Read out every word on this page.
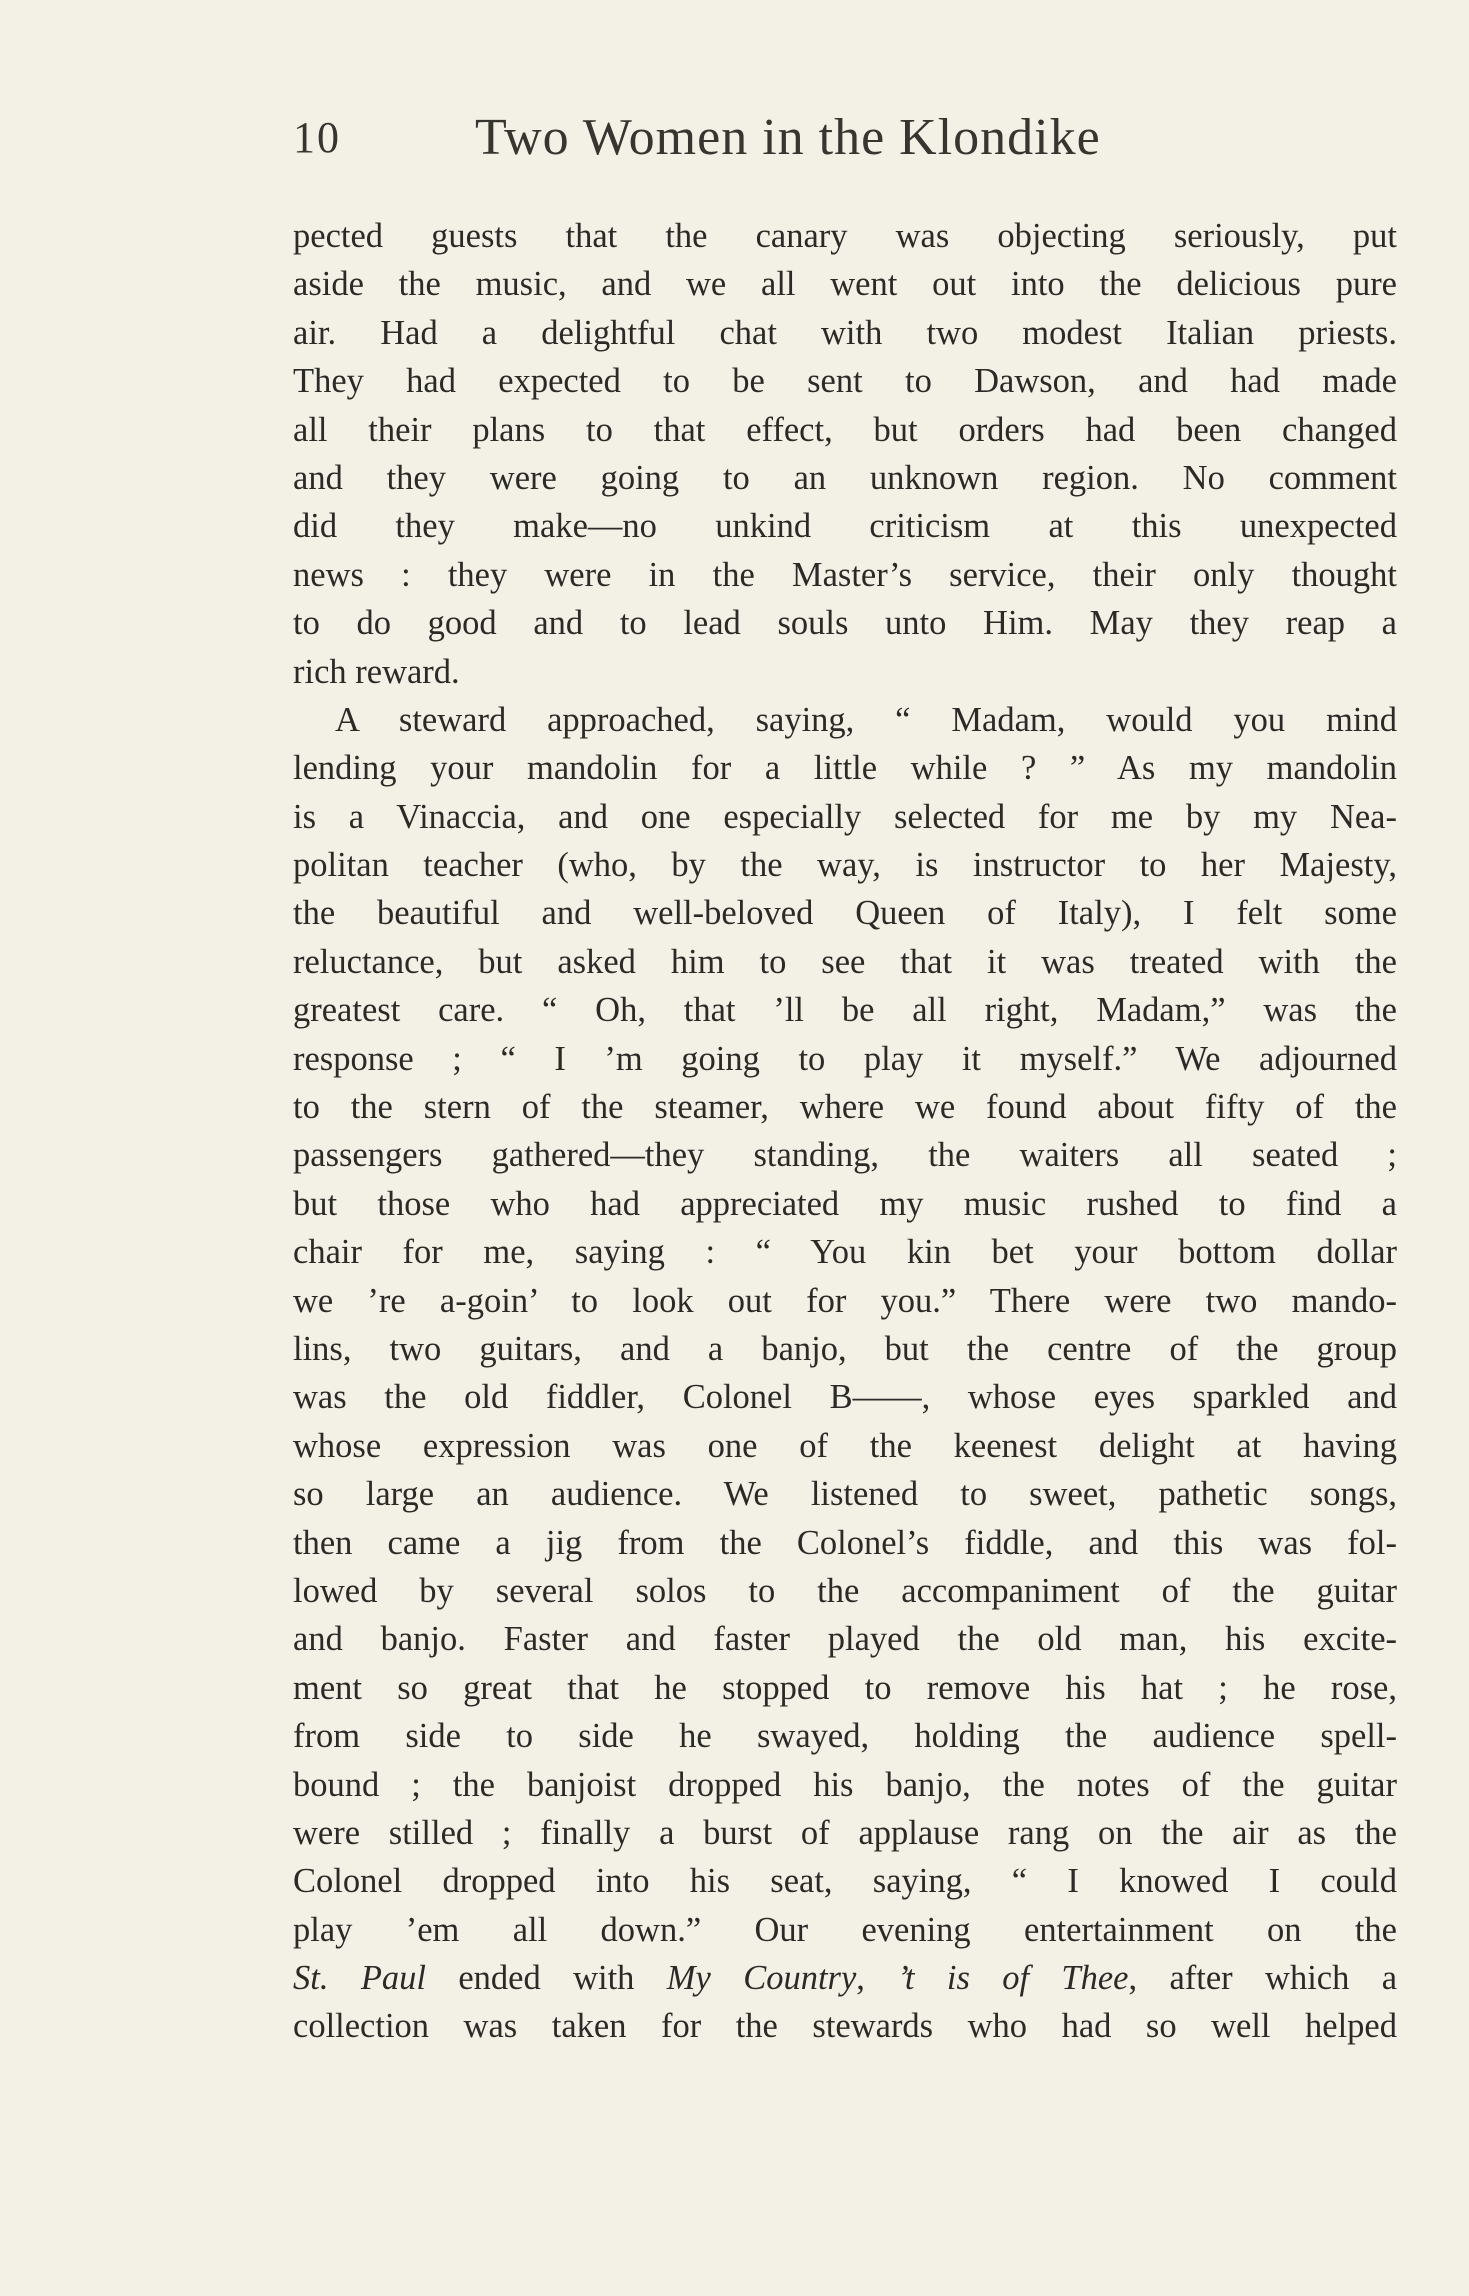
10	Two Women in the Klondike
pected guests that the canary was objecting seriously, put
aside the music, and we all went out into the delicious pure
air. Had a delightful chat with two modest Italian priests.
They had expected to be sent to Dawson, and had made
all their plans to that effect, but orders had been changed
and they were going to an unknown region. No comment
did they make—no unkind criticism at this unexpected
news : they were in the Master’s service, their only thought
to do good and to lead souls unto Him. May they reap a
rich reward.
A steward approached, saying, “ Madam, would you mind
lending your mandolin for a little while ? ” As my mandolin
is a Vinaccia, and one especially selected for me by my Nea-
politan teacher (who, by the way, is instructor to her Majesty,
the beautiful and well-beloved Queen of Italy), I felt some
reluctance, but asked him to see that it was treated with the
greatest care. “ Oh, that ’ll be all right, Madam,” was the
response ; “ I ’m going to play it myself.” We adjourned
to the stern of the steamer, where we found about fifty of the
passengers gathered—they standing, the waiters all seated ;
but those who had appreciated my music rushed to find a
chair for me, saying : “ You kin bet your bottom dollar
we ’re a-goin’ to look out for you.” There were two mando-
lins, two guitars, and a banjo, but the centre of the group
was the old fiddler, Colonel B——, whose eyes sparkled and
whose expression was one of the keenest delight at having
so large an audience. We listened to sweet, pathetic songs,
then came a jig from the Colonel’s fiddle, and this was fol-
lowed by several solos to the accompaniment of the guitar
and banjo. Faster and faster played the old man, his excite-
ment so great that he stopped to remove his hat ; he rose,
from side to side he swayed, holding the audience spell-
bound ; the banjoist dropped his banjo, the notes of the guitar
were stilled ; finally a burst of applause rang on the air as the
Colonel dropped into his seat, saying, “ I knowed I could
play ’em all down.” Our evening entertainment on the
St. Paul ended with My Country, ’t is of Thee, after which a
collection was taken for the stewards who had so well helped
